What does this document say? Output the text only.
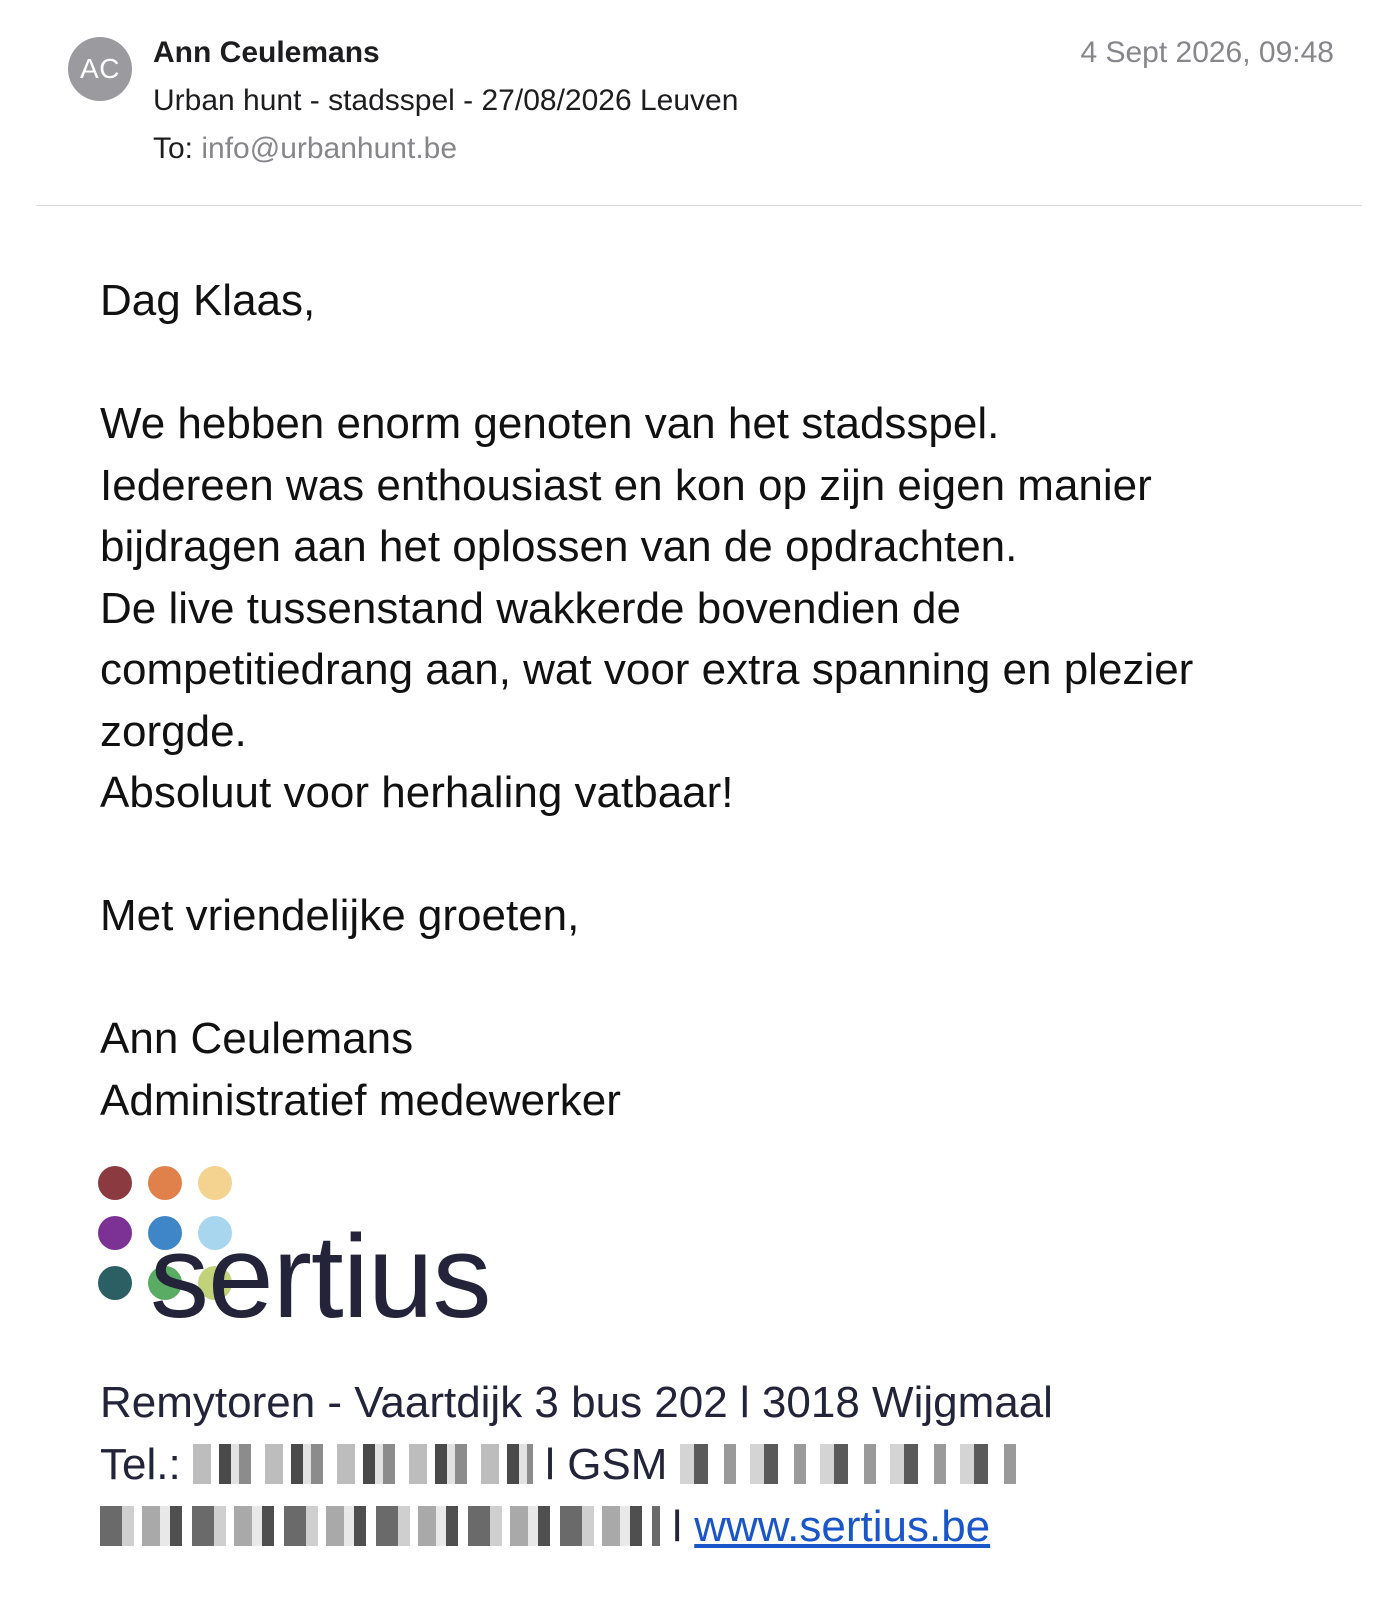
AC	Ann Ceulemans	4 Sept 2026, 09:48
Urban hunt - stadsspel - 27/08/2026 Leuven
To: info@urbanhunt.be
Dag Klaas,
We hebben enorm genoten van het stadsspel.
Iedereen was enthousiast en kon op zijn eigen manier
bijdragen aan het oplossen van de opdrachten.
De live tussenstand wakkerde bovendien de
competitiedrang aan, wat voor extra spanning en plezier
zorgde.
Absoluut voor herhaling vatbaar!
Met vriendelijke groeten,
Ann Ceulemans
Administratief medewerker
sertius
Remytoren - Vaartdijk 3 bus 202 l 3018 Wijgmaal
Tel.:	l GSM
l www.sertius.be
